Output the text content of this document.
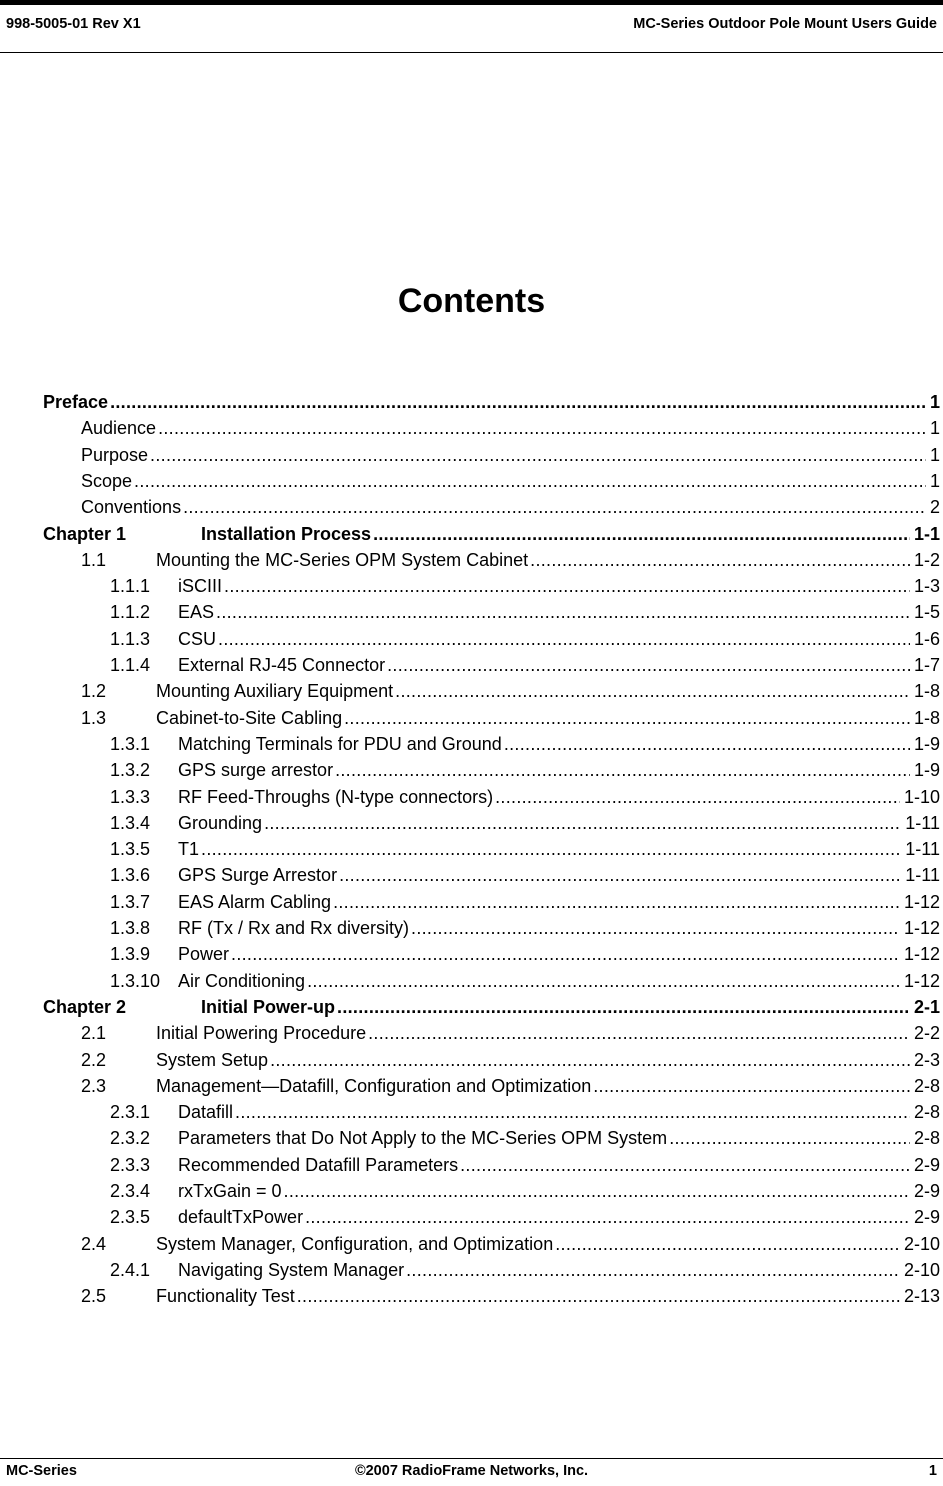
998-5005-01 Rev X1	MC-Series Outdoor Pole Mount Users Guide
Contents
Preface .....	1
Audience .....	1
Purpose .....	1
Scope .....	1
Conventions .....	2
Chapter 1	Installation Process .....	1-1
1.1	Mounting the MC-Series OPM System Cabinet .....	1-2
1.1.1	iSCIII .....	1-3
1.1.2	EAS .....	1-5
1.1.3	CSU .....	1-6
1.1.4	External RJ-45 Connector .....	1-7
1.2	Mounting Auxiliary Equipment .....	1-8
1.3	Cabinet-to-Site Cabling .....	1-8
1.3.1	Matching Terminals for PDU and Ground .....	1-9
1.3.2	GPS surge arrestor .....	1-9
1.3.3	RF Feed-Throughs (N-type connectors) .....	1-10
1.3.4	Grounding .....	1-11
1.3.5	T1 .....	1-11
1.3.6	GPS Surge Arrestor .....	1-11
1.3.7	EAS Alarm Cabling .....	1-12
1.3.8	RF (Tx / Rx and Rx diversity) .....	1-12
1.3.9	Power .....	1-12
1.3.10 Air Conditioning .....	1-12
Chapter 2	Initial Power-up .....	2-1
2.1	Initial Powering Procedure .....	2-2
2.2	System Setup .....	2-3
2.3	Management—Datafill, Configuration and Optimization .....	2-8
2.3.1	Datafill .....	2-8
2.3.2	Parameters that Do Not Apply to the MC-Series OPM System .....	2-8
2.3.3	Recommended Datafill Parameters .....	2-9
2.3.4	rxTxGain = 0 .....	2-9
2.3.5	defaultTxPower .....	2-9
2.4	System Manager, Configuration, and Optimization .....	2-10
2.4.1	Navigating System Manager .....	2-10
2.5	Functionality Test .....	2-13
MC-Series	©2007 RadioFrame Networks, Inc.	1
